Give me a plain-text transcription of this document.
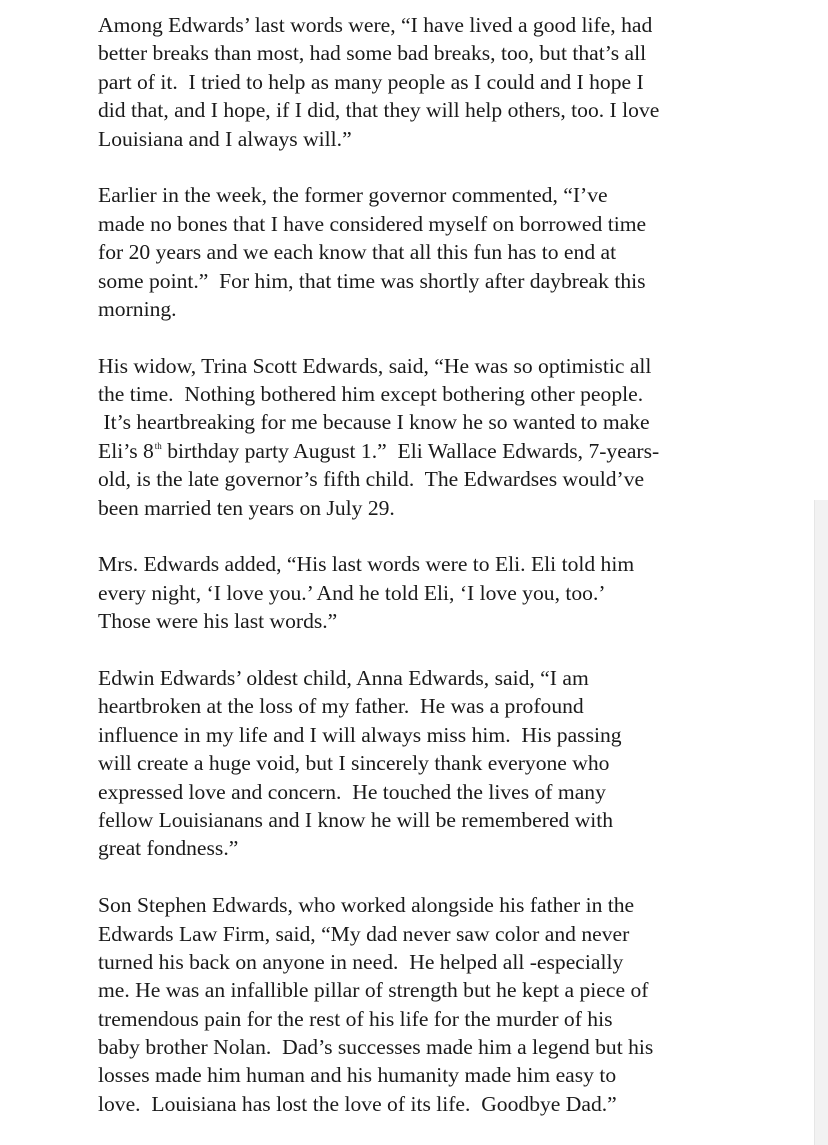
Among Edwards’ last words were, “I have lived a good life, had
better breaks than most, had some bad breaks, too, but that’s all
part of it.  I tried to help as many people as I could and I hope I
did that, and I hope, if I did, that they will help others, too. I love
Louisiana and I always will.”
Earlier in the week, the former governor commented, “I’ve
made no bones that I have considered myself on borrowed time
for 20 years and we each know that all this fun has to end at
some point.”  For him, that time was shortly after daybreak this
morning.
His widow, Trina Scott Edwards, said, “He was so optimistic all
the time.  Nothing bothered him except bothering other people.
It’s heartbreaking for me because I know he so wanted to make
Eli’s 8th birthday party August 1.”  Eli Wallace Edwards, 7-years-
old, is the late governor’s fifth child.  The Edwardses would’ve
been married ten years on July 29.
Mrs. Edwards added, “His last words were to Eli. Eli told him
every night, ‘I love you.’ And he told Eli, ‘I love you, too.’
Those were his last words.”
Edwin Edwards’ oldest child, Anna Edwards, said, “I am
heartbroken at the loss of my father.  He was a profound
influence in my life and I will always miss him.  His passing
will create a huge void, but I sincerely thank everyone who
expressed love and concern.  He touched the lives of many
fellow Louisianans and I know he will be remembered with
great fondness.”
Son Stephen Edwards, who worked alongside his father in the
Edwards Law Firm, said, “My dad never saw color and never
turned his back on anyone in need.  He helped all -especially
me. He was an infallible pillar of strength but he kept a piece of
tremendous pain for the rest of his life for the murder of his
baby brother Nolan.  Dad’s successes made him a legend but his
losses made him human and his humanity made him easy to
love.  Louisiana has lost the love of its life.  Goodbye Dad.”
